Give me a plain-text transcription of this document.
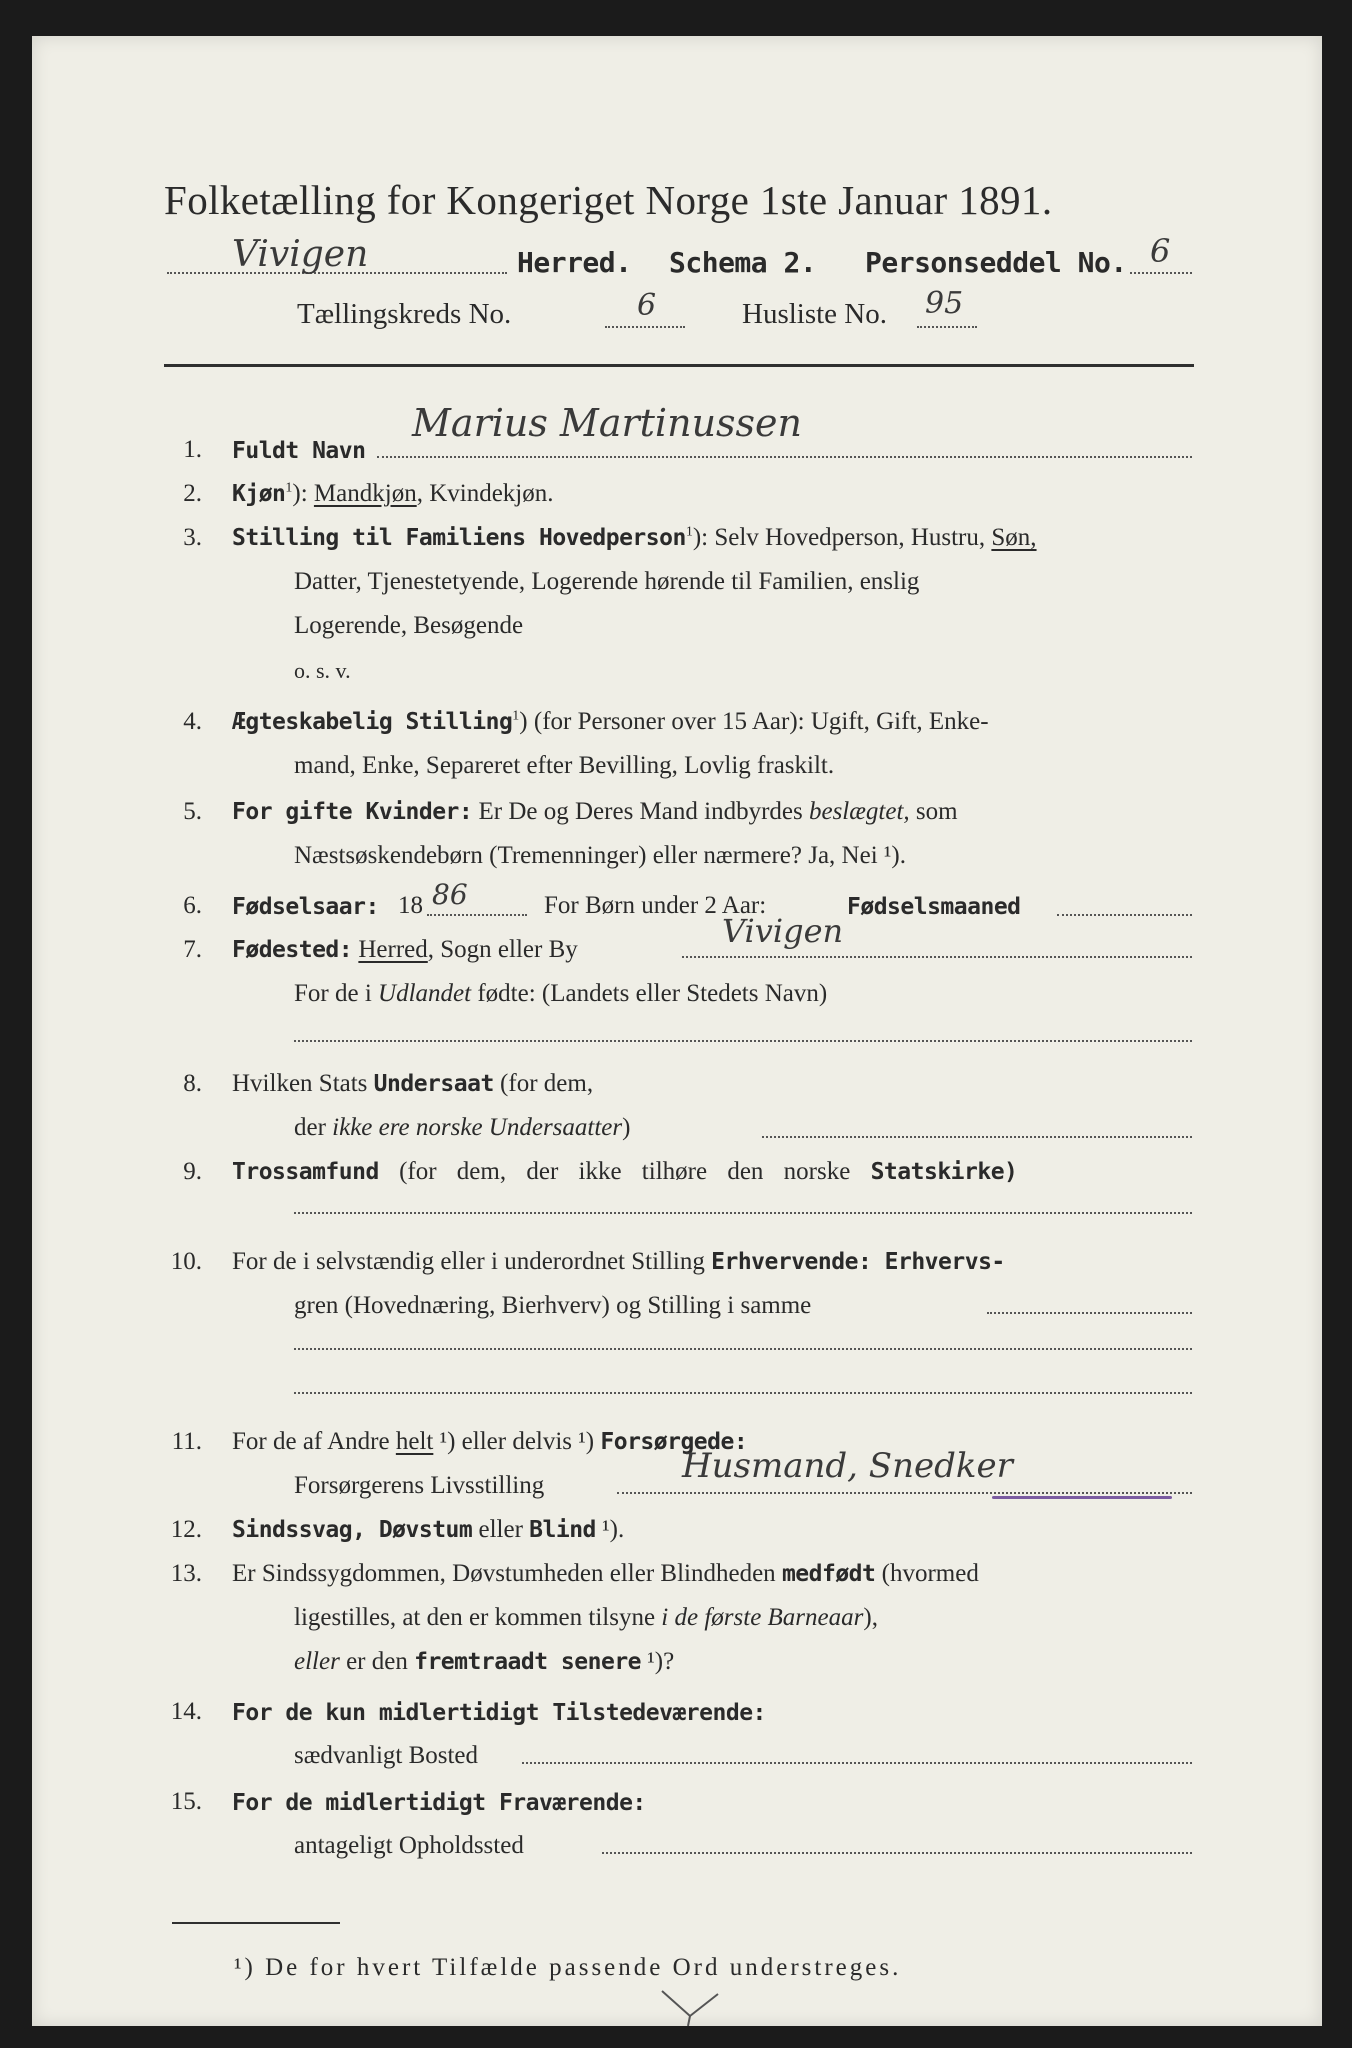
Folketælling for Kongeriget Norge 1ste Januar 1891.
Vivigen	Herred. Schema 2. Personseddel No. 6
Tællingskreds No.	6	Husliste No. 95
1. Fuldt Navn
Marius Martinussen
2. Kjøn$^1$): Mandkjøn, Kvindekjøn.
3. Stilling til Familiens Hovedperson$^1$): Selv Hovedperson, Hustru, Søn,
Datter, Tjenestetyende, Logerende hørende til Familien, enslig
Logerende, Besøgende
o. s. v.
4. Ægteskabelig Stilling$^1$) (for Personer over 15 Aar): Ugift, Gift, Enke-
mand, Enke, Separeret efter Bevilling, Lovlig fraskilt.
5. For gifte Kvinder: Er De og Deres Mand indbyrdes beslægtet, som
Næstsøskendebørn (Tremenninger) eller nærmere? Ja, Nei ¹).
6. Fødselsaar: 18 86	For Børn under 2 Aar:	Fødselsmaaned
7. Fødested: Herred, Sogn eller By	Vivigen
For de i Udlandet fødte: (Landets eller Stedets Navn)
8. Hvilken Stats Undersaat (for dem,
der ikke ere norske Undersaatter)
9. Trossamfund (for dem, der ikke tilhøre den norske Statskirke)
10. For de i selvstændig eller i underordnet Stilling Erhvervende: Erhvervs-
gren (Hovednæring, Bierhverv) og Stilling i samme
11. For de af Andre helt ¹) eller delvis ¹) Forsørgede:
Forsørgerens Livsstilling	Husmand, Snedker
12. Sindssvag, Døvstum eller Blind ¹).
13. Er Sindssygdommen, Døvstumheden eller Blindheden medfødt (hvormed
ligestilles, at den er kommen tilsyne i de første Barneaar),
eller er den fremtraadt senere ¹)?
14. For de kun midlertidigt Tilstedeværende:
sædvanligt Bosted
15. For de midlertidigt Fraværende:
antageligt Opholdssted
¹) De for hvert Tilfælde passende Ord understreges.
